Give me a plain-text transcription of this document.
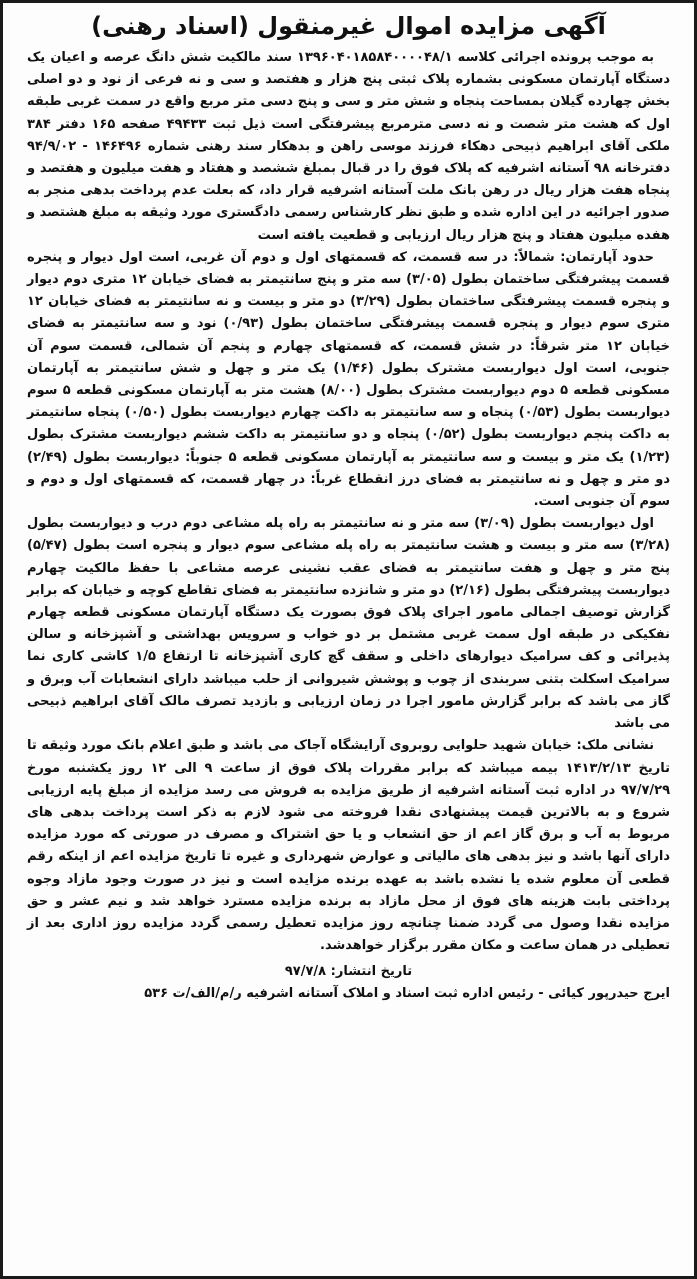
آگهی مزایده اموال غیرمنقول (اسناد رهنی)

به موجب پرونده اجرائی کلاسه ۱۳۹۶۰۴۰۱۸۵۸۴۰۰۰۰۴۸/۱ سند مالکیت شش دانگ عرصه و اعیان یک دستگاه آپارتمان مسکونی بشماره پلاک ثبتی پنج هزار و هفتصد و سی و نه فرعی از نود و دو اصلی بخش چهارده گیلان بمساحت پنجاه و شش متر و سی و پنج دسی متر مربع واقع در سمت غربی طبقه اول که هشت متر شصت و نه دسی مترمربع پیشرفتگی است ذیل ثبت ۴۹۴۳۳ صفحه ۱۶۵ دفتر ۳۸۴ ملکی آقای ابراهیم ذبیحی دهکاء فرزند موسی راهن و بدهکار سند رهنی شماره ۱۴۶۴۹۶ - ۹۴/۹/۰۲ دفترخانه ۹۸ آستانه اشرفیه که پلاک فوق را در قبال بمبلغ ششصد و هفتاد و هفت میلیون و هفتصد و پنجاه هفت هزار ریال در رهن بانک ملت آستانه اشرفیه قرار داد، که بعلت عدم پرداخت بدهی منجر به صدور اجرائیه در این اداره شده و طبق نظر کارشناس رسمی دادگستری مورد وثیقه به مبلغ هشتصد و هفده میلیون هفتاد و پنج هزار ریال ارزیابی و قطعیت یافته است

حدود آپارتمان: شمالاً: در سه قسمت، که قسمتهای اول و دوم آن غربی، است اول دیوار و پنجره قسمت پیشرفتگی ساختمان بطول (۳/۰۵) سه متر و پنج سانتیمتر به فضای خیابان ۱۲ متری دوم دیوار و پنجره قسمت پیشرفتگی ساختمان بطول (۳/۲۹) دو متر و بیست و نه سانتیمتر به فضای خیابان ۱۲ متری سوم دیوار و پنجره قسمت پیشرفتگی ساختمان بطول (۰/۹۳) نود و سه سانتیمتر به فضای خیابان ۱۲ متر شرقاً: در شش قسمت، که قسمتهای چهارم و پنجم آن شمالی، قسمت سوم آن جنوبی، است اول دیواربست مشترک بطول (۱/۴۶) یک متر و چهل و شش سانتیمتر به آپارتمان مسکونی قطعه ۵ دوم دیواربست مشترک بطول (۸/۰۰) هشت متر به آپارتمان مسکونی قطعه ۵ سوم دیواربست بطول (۰/۵۳) پنجاه و سه سانتیمتر به داکت چهارم دیواربست بطول (۰/۵۰) پنجاه سانتیمتر به داکت پنجم دیواربست بطول (۰/۵۲) پنجاه و دو سانتیمتر به داکت ششم دیواربست مشترک بطول (۱/۲۳) یک متر و بیست و سه سانتیمتر به آپارتمان مسکونی قطعه ۵ جنوباً: دیواربست بطول (۲/۴۹) دو متر و چهل و نه سانتیمتر به فضای درز انقطاع غرباً: در چهار قسمت، که قسمتهای اول و دوم و سوم آن جنوبی است.

اول دیواربست بطول (۳/۰۹) سه متر و نه سانتیمتر به راه پله مشاعی دوم درب و دیواربست بطول (۳/۲۸) سه متر و بیست و هشت سانتیمتر به راه پله مشاعی سوم دیوار و پنجره است بطول (۵/۴۷) پنج متر و چهل و هفت سانتیمتر به فضای عقب نشینی عرصه مشاعی با حفظ مالکیت چهارم دیواربست پیشرفتگی بطول (۲/۱۶) دو متر و شانزده سانتیمتر به فضای تقاطع کوچه و خیابان که برابر گزارش توصیف اجمالی مامور اجرای پلاک فوق بصورت یک دستگاه آپارتمان مسکونی قطعه چهارم نفکیکی در طبقه اول سمت غربی مشتمل بر دو خواب و سرویس بهداشتی و آشپزخانه و سالن پذیرائی و کف سرامیک دیوارهای داخلی و سقف گچ کاری آشپزخانه تا ارتفاع ۱/۵ کاشی کاری نما سرامیک اسکلت بتنی سربندی از چوب و پوشش شیروانی از حلب میباشد دارای انشعابات آب وبرق و گاز می باشد که برابر گزارش مامور اجرا در زمان ارزیابی و بازدید تصرف مالک آقای ابراهیم ذبیحی می باشد

نشانی ملک: خیابان شهید حلوایی روبروی آرایشگاه آجاک می باشد و طبق اعلام بانک مورد وثیقه تا تاریخ ۱۴۱۳/۲/۱۳ بیمه میباشد که برابر مقررات پلاک فوق از ساعت ۹ الی ۱۲ روز یکشنبه مورخ ۹۷/۷/۲۹ در اداره ثبت آستانه اشرفیه از طریق مزایده به فروش می رسد مزایده از مبلغ پایه ارزیابی شروع و به بالاترین قیمت پیشنهادی نقدا فروخته می شود لازم به ذکر است پرداخت بدهی های مربوط به آب و برق گاز اعم از حق انشعاب و یا حق اشتراک و مصرف در صورتی که مورد مزایده دارای آنها باشد و نیز بدهی های مالیاتی و عوارض شهرداری و غیره تا تاریخ مزایده اعم از اینکه رقم قطعی آن معلوم شده یا نشده باشد به عهده برنده مزایده است و نیز در صورت وجود مازاد وجوه پرداختی بابت هزینه های فوق از محل مازاد به برنده مزایده مسترد خواهد شد و نیم عشر و حق مزایده نقدا وصول می گردد ضمنا چنانچه روز مزایده تعطیل رسمی گردد مزایده روز اداری بعد از تعطیلی در همان ساعت و مکان مقرر برگزار خواهدشد.

تاریخ انتشار: ۹۷/۷/۸
ایرج حیدرپور کیائی - رئیس اداره ثبت اسناد و املاک آستانه اشرفیه ر/م/الف/ت ۵۳۶
